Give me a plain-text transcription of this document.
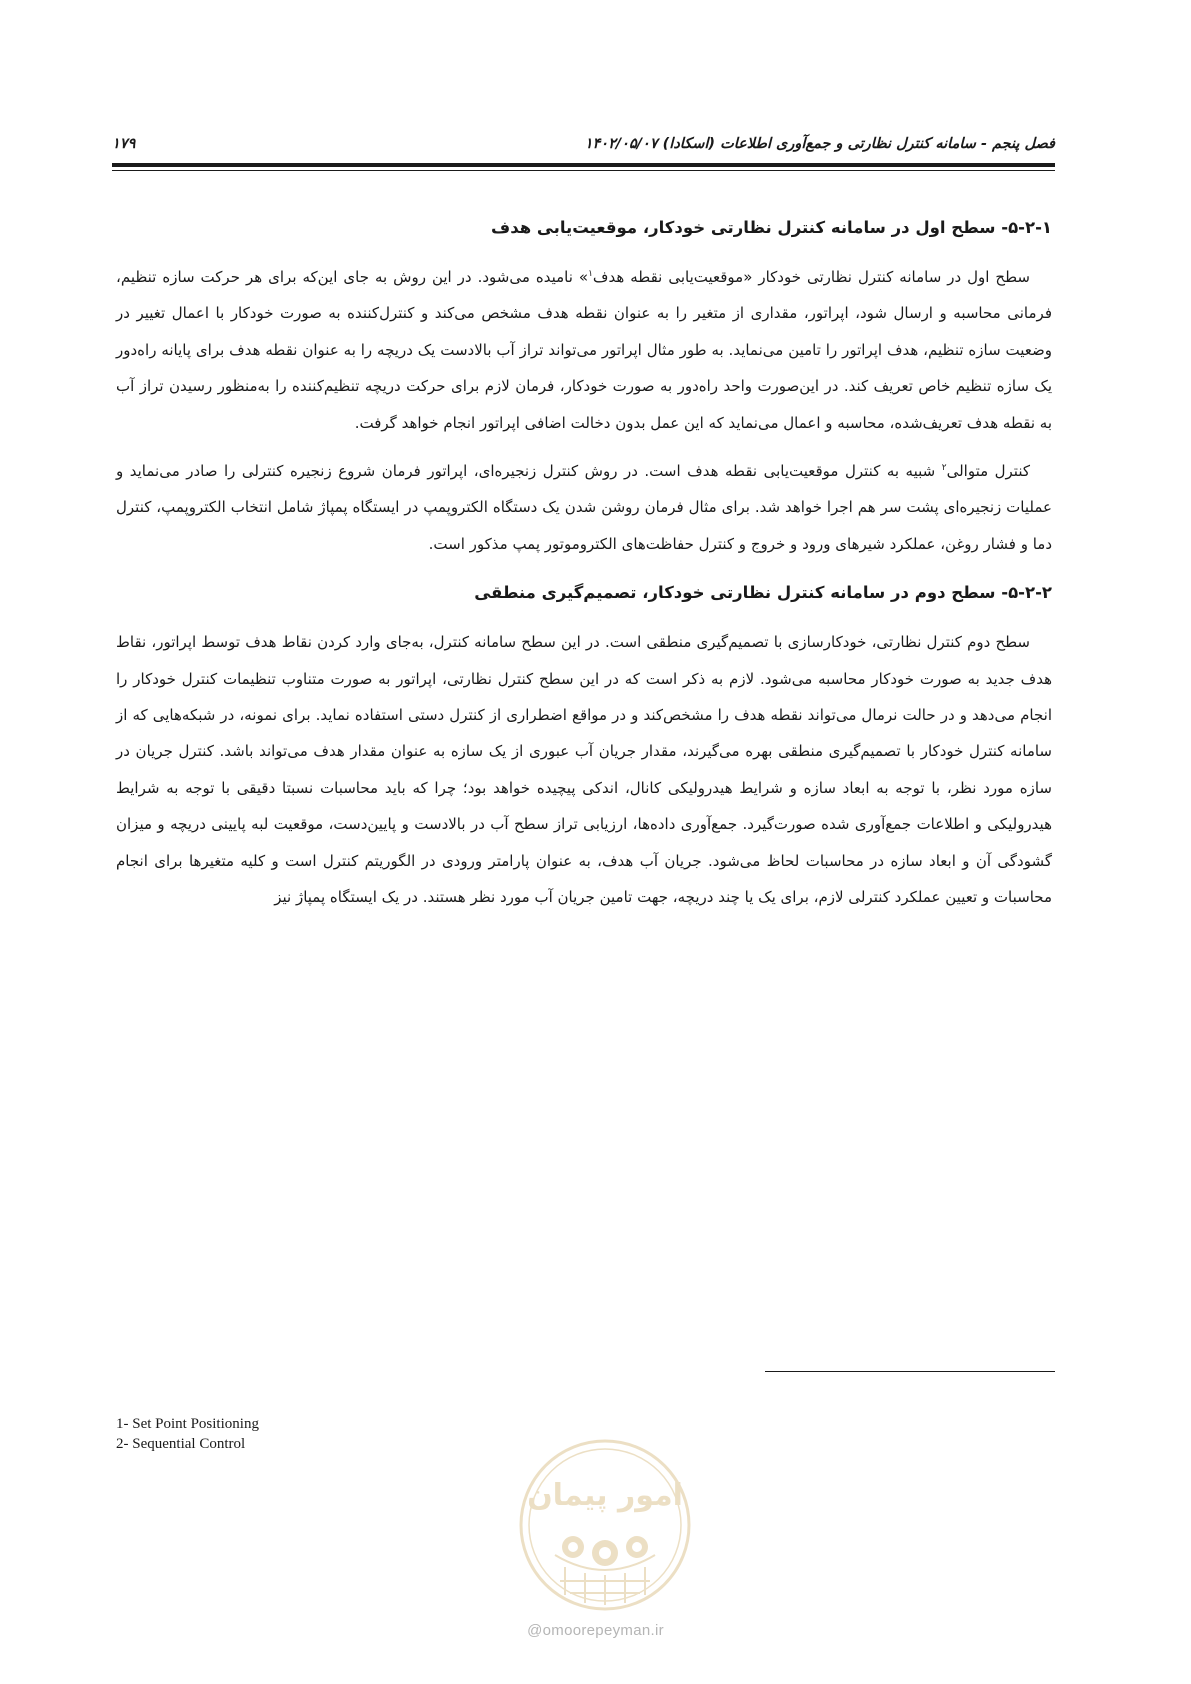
فصل پنجم - سامانه کنترل نظارتی و جمع‌آوری اطلاعات (اسکادا) ۱۴۰۲/۰۵/۰۷
۱۷۹
۵-۲-۱- سطح اول در سامانه کنترل نظارتی خودکار، موقعیت‌یابی هدف

سطح اول در سامانه کنترل نظارتی خودکار «موقعیت‌یابی نقطه هدف$^۱$» نامیده می‌شود. در این روش به جای این‌که برای هر حرکت سازه تنظیم، فرمانی محاسبه و ارسال شود، اپراتور، مقداری از متغیر را به عنوان نقطه هدف مشخص می‌کند و کنترل‌کننده به صورت خودکار با اعمال تغییر در وضعیت سازه تنظیم، هدف اپراتور را تامین می‌نماید. به طور مثال اپراتور می‌تواند تراز آب بالادست یک دریچه را به عنوان نقطه هدف برای پایانه راه‌دور یک سازه تنظیم خاص تعریف کند. در این‌صورت واحد راه‌دور به صورت خودکار، فرمان لازم برای حرکت دریچه تنظیم‌کننده را به‌منظور رسیدن تراز آب به نقطه هدف تعریف‌شده، محاسبه و اعمال می‌نماید که این عمل بدون دخالت اضافی اپراتور انجام خواهد گرفت.

کنترل متوالی$^۲$ شبیه به کنترل موقعیت‌یابی نقطه هدف است. در روش کنترل زنجیره‌ای، اپراتور فرمان شروع زنجیره کنترلی را صادر می‌نماید و عملیات زنجیره‌ای پشت سر هم اجرا خواهد شد. برای مثال فرمان روشن شدن یک دستگاه الکتروپمپ در ایستگاه پمپاژ شامل انتخاب الکتروپمپ، کنترل دما و فشار روغن، عملکرد شیرهای ورود و خروج و کنترل حفاظت‌های الکتروموتور پمپ مذکور است.

۵-۲-۲- سطح دوم در سامانه کنترل نظارتی خودکار، تصمیم‌گیری منطقی

سطح دوم کنترل نظارتی، خودکارسازی با تصمیم‌گیری منطقی است. در این سطح سامانه کنترل، به‌جای وارد کردن نقاط هدف توسط اپراتور، نقاط هدف جدید به صورت خودکار محاسبه می‌شود. لازم به ذکر است که در این سطح کنترل نظارتی، اپراتور به صورت متناوب تنظیمات کنترل خودکار را انجام می‌دهد و در حالت نرمال می‌تواند نقطه هدف را مشخص‌کند و در مواقع اضطراری از کنترل دستی استفاده نماید. برای نمونه، در شبکه‌هایی که از سامانه کنترل خودکار با تصمیم‌گیری منطقی بهره می‌گیرند، مقدار جریان آب عبوری از یک سازه به عنوان مقدار هدف می‌تواند باشد. کنترل جریان در سازه مورد نظر، با توجه به ابعاد سازه و شرایط هیدرولیکی کانال، اندکی پیچیده خواهد بود؛ چرا که باید محاسبات نسبتا دقیقی با توجه به شرایط هیدرولیکی و اطلاعات جمع‌آوری شده صورت‌گیرد. جمع‌آوری داده‌ها، ارزیابی تراز سطح آب در بالادست و پایین‌دست، موقعیت لبه پایینی دریچه و میزان گشودگی آن و ابعاد سازه در محاسبات لحاظ می‌شود. جریان آب هدف، به عنوان پارامتر ورودی در الگوریتم کنترل است و کلیه متغیرها برای انجام محاسبات و تعیین عملکرد کنترلی لازم، برای یک یا چند دریچه، جهت تامین جریان آب مورد نظر هستند. در یک ایستگاه پمپاژ نیز

1- Set Point Positioning
2- Sequential Control
امور پیمان
@omoorepeyman.ir
